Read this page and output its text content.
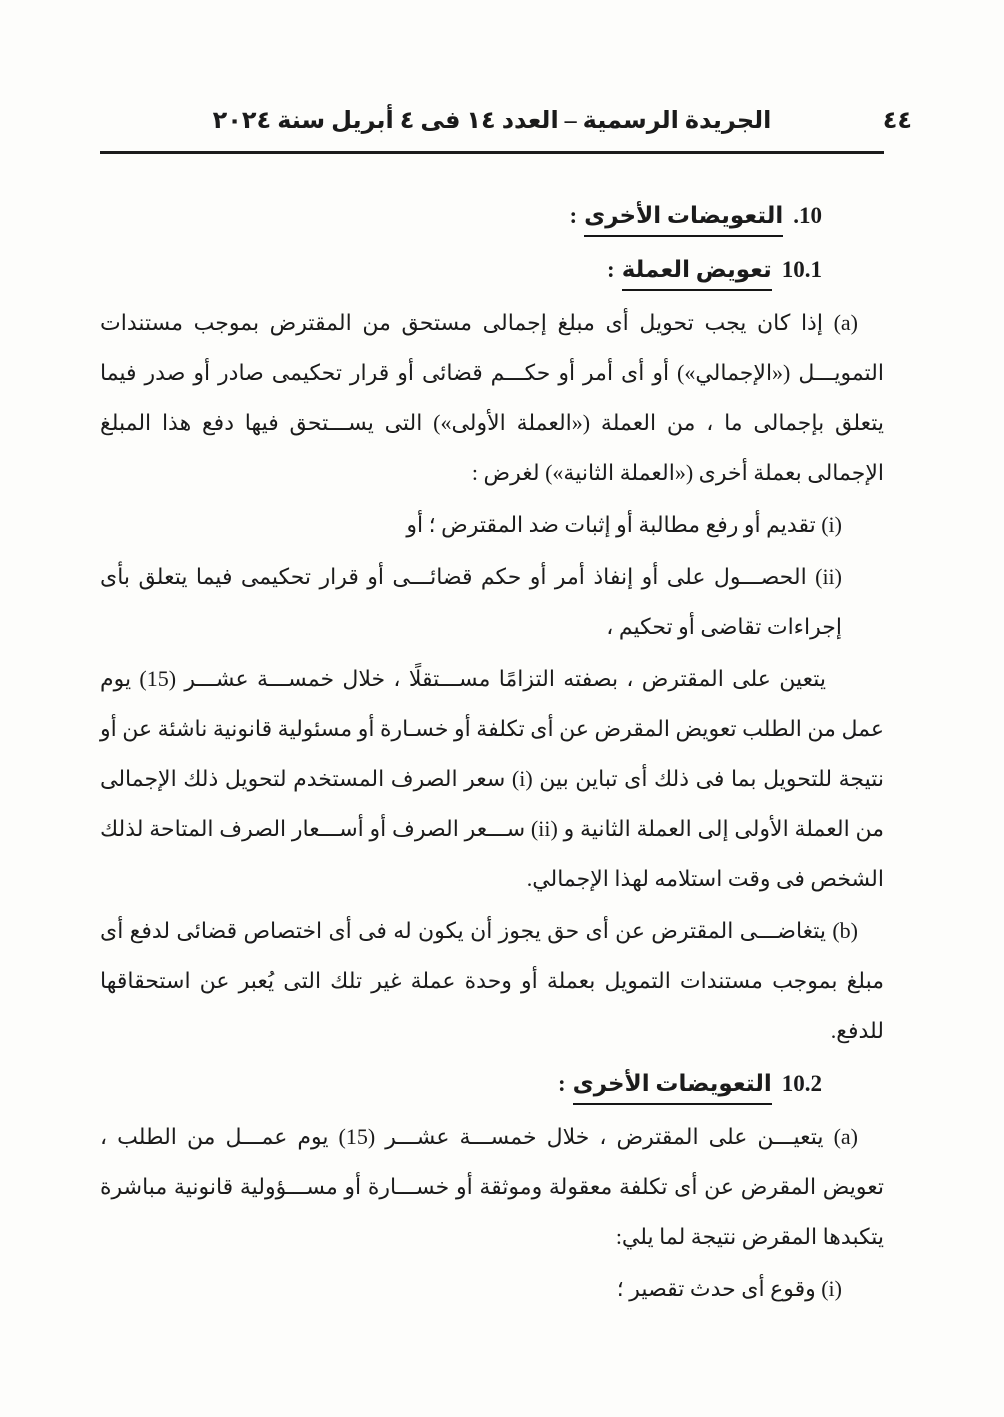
الجريدة الرسمية – العدد ١٤ فى ٤ أبريل سنة ٢٠٢٤	٤٤
10.التعويضات الأخرى:
10.1تعويض العملة:

(a) إذا كان يجب تحويل أى مبلغ إجمالى مستحق من المقترض بموجب مستندات التمويـــل («الإجمالي») أو أى أمر أو حكـــم قضائى أو قرار تحكيمى صادر أو صدر فيما يتعلق بإجمالى ما ، من العملة («العملة الأولى») التى يســـتحق فيها دفع هذا المبلغ الإجمالى بعملة أخرى («العملة الثانية») لغرض :

(i) تقديم أو رفع مطالبة أو إثبات ضد المقترض ؛ أو

(ii) الحصـــول على أو إنفاذ أمر أو حكم قضائـــى أو قرار تحكيمى فيما يتعلق بأى إجراءات تقاضى أو تحكيم ،

يتعين على المقترض ، بصفته التزامًا مســـتقلًا ، خلال خمســـة عشـــر (15) يوم عمل من الطلب تعويض المقرض عن أى تكلفة أو خسـارة أو مسئولية قانونية ناشئة عن أو نتيجة للتحويل بما فى ذلك أى تباين بين (i) سعر الصرف المستخدم لتحويل ذلك الإجمالى من العملة الأولى إلى العملة الثانية و (ii) ســـعر الصرف أو أســـعار الصرف المتاحة لذلك الشخص فى وقت استلامه لهذا الإجمالي.

(b) يتغاضـــى المقترض عن أى حق يجوز أن يكون له فى أى اختصاص قضائى لدفع أى مبلغ بموجب مستندات التمويل بعملة أو وحدة عملة غير تلك التى يُعبر عن استحقاقها للدفع.

10.2التعويضات الأخرى:

(a) يتعيـــن على المقترض ، خلال خمســـة عشـــر (15) يوم عمـــل من الطلب ، تعويض المقرض عن أى تكلفة معقولة وموثقة أو خســـارة أو مســـؤولية قانونية مباشرة يتكبدها المقرض نتيجة لما يلي:

(i) وقوع أى حدث تقصير ؛
